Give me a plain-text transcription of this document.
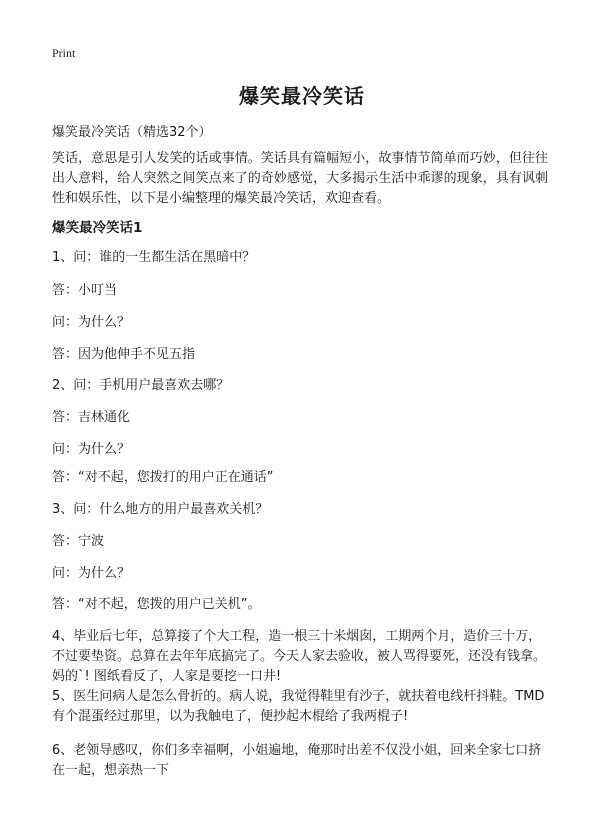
Print
爆笑最冷笑话

爆笑最冷笑话（精选32个）

笑话，意思是引人发笑的话或事情。笑话具有篇幅短小，故事情节简单而巧妙，但往往出人意料，给人突然之间笑点来了的奇妙感觉，大多揭示生活中乖谬的现象，具有讽刺性和娱乐性，以下是小编整理的爆笑最冷笑话，欢迎查看。

爆笑最冷笑话1

1、问：谁的一生都生活在黑暗中？

答：小叮当

问：为什么？

答：因为他伸手不见五指

2、问：手机用户最喜欢去哪？

答：吉林通化

问：为什么？

答：“对不起，您拨打的用户正在通话”

3、问：什么地方的用户最喜欢关机？

答：宁波

问：为什么？

答：“对不起，您拨的用户已关机”。

4、毕业后七年，总算接了个大工程，造一根三十米烟囱，工期两个月，造价三十万，不过要垫资。总算在去年年底搞完了。今天人家去验收，被人骂得要死，还没有钱拿。妈的`! 图纸看反了，人家是要挖一口井!

5、医生问病人是怎么骨折的。病人说，我觉得鞋里有沙子，就扶着电线杆抖鞋。TMD有个混蛋经过那里，以为我触电了，便抄起木棍给了我两棍子!

6、老领导感叹，你们多幸福啊，小姐遍地，俺那时出差不仅没小姐，回来全家七口挤在一起，想亲热一下
